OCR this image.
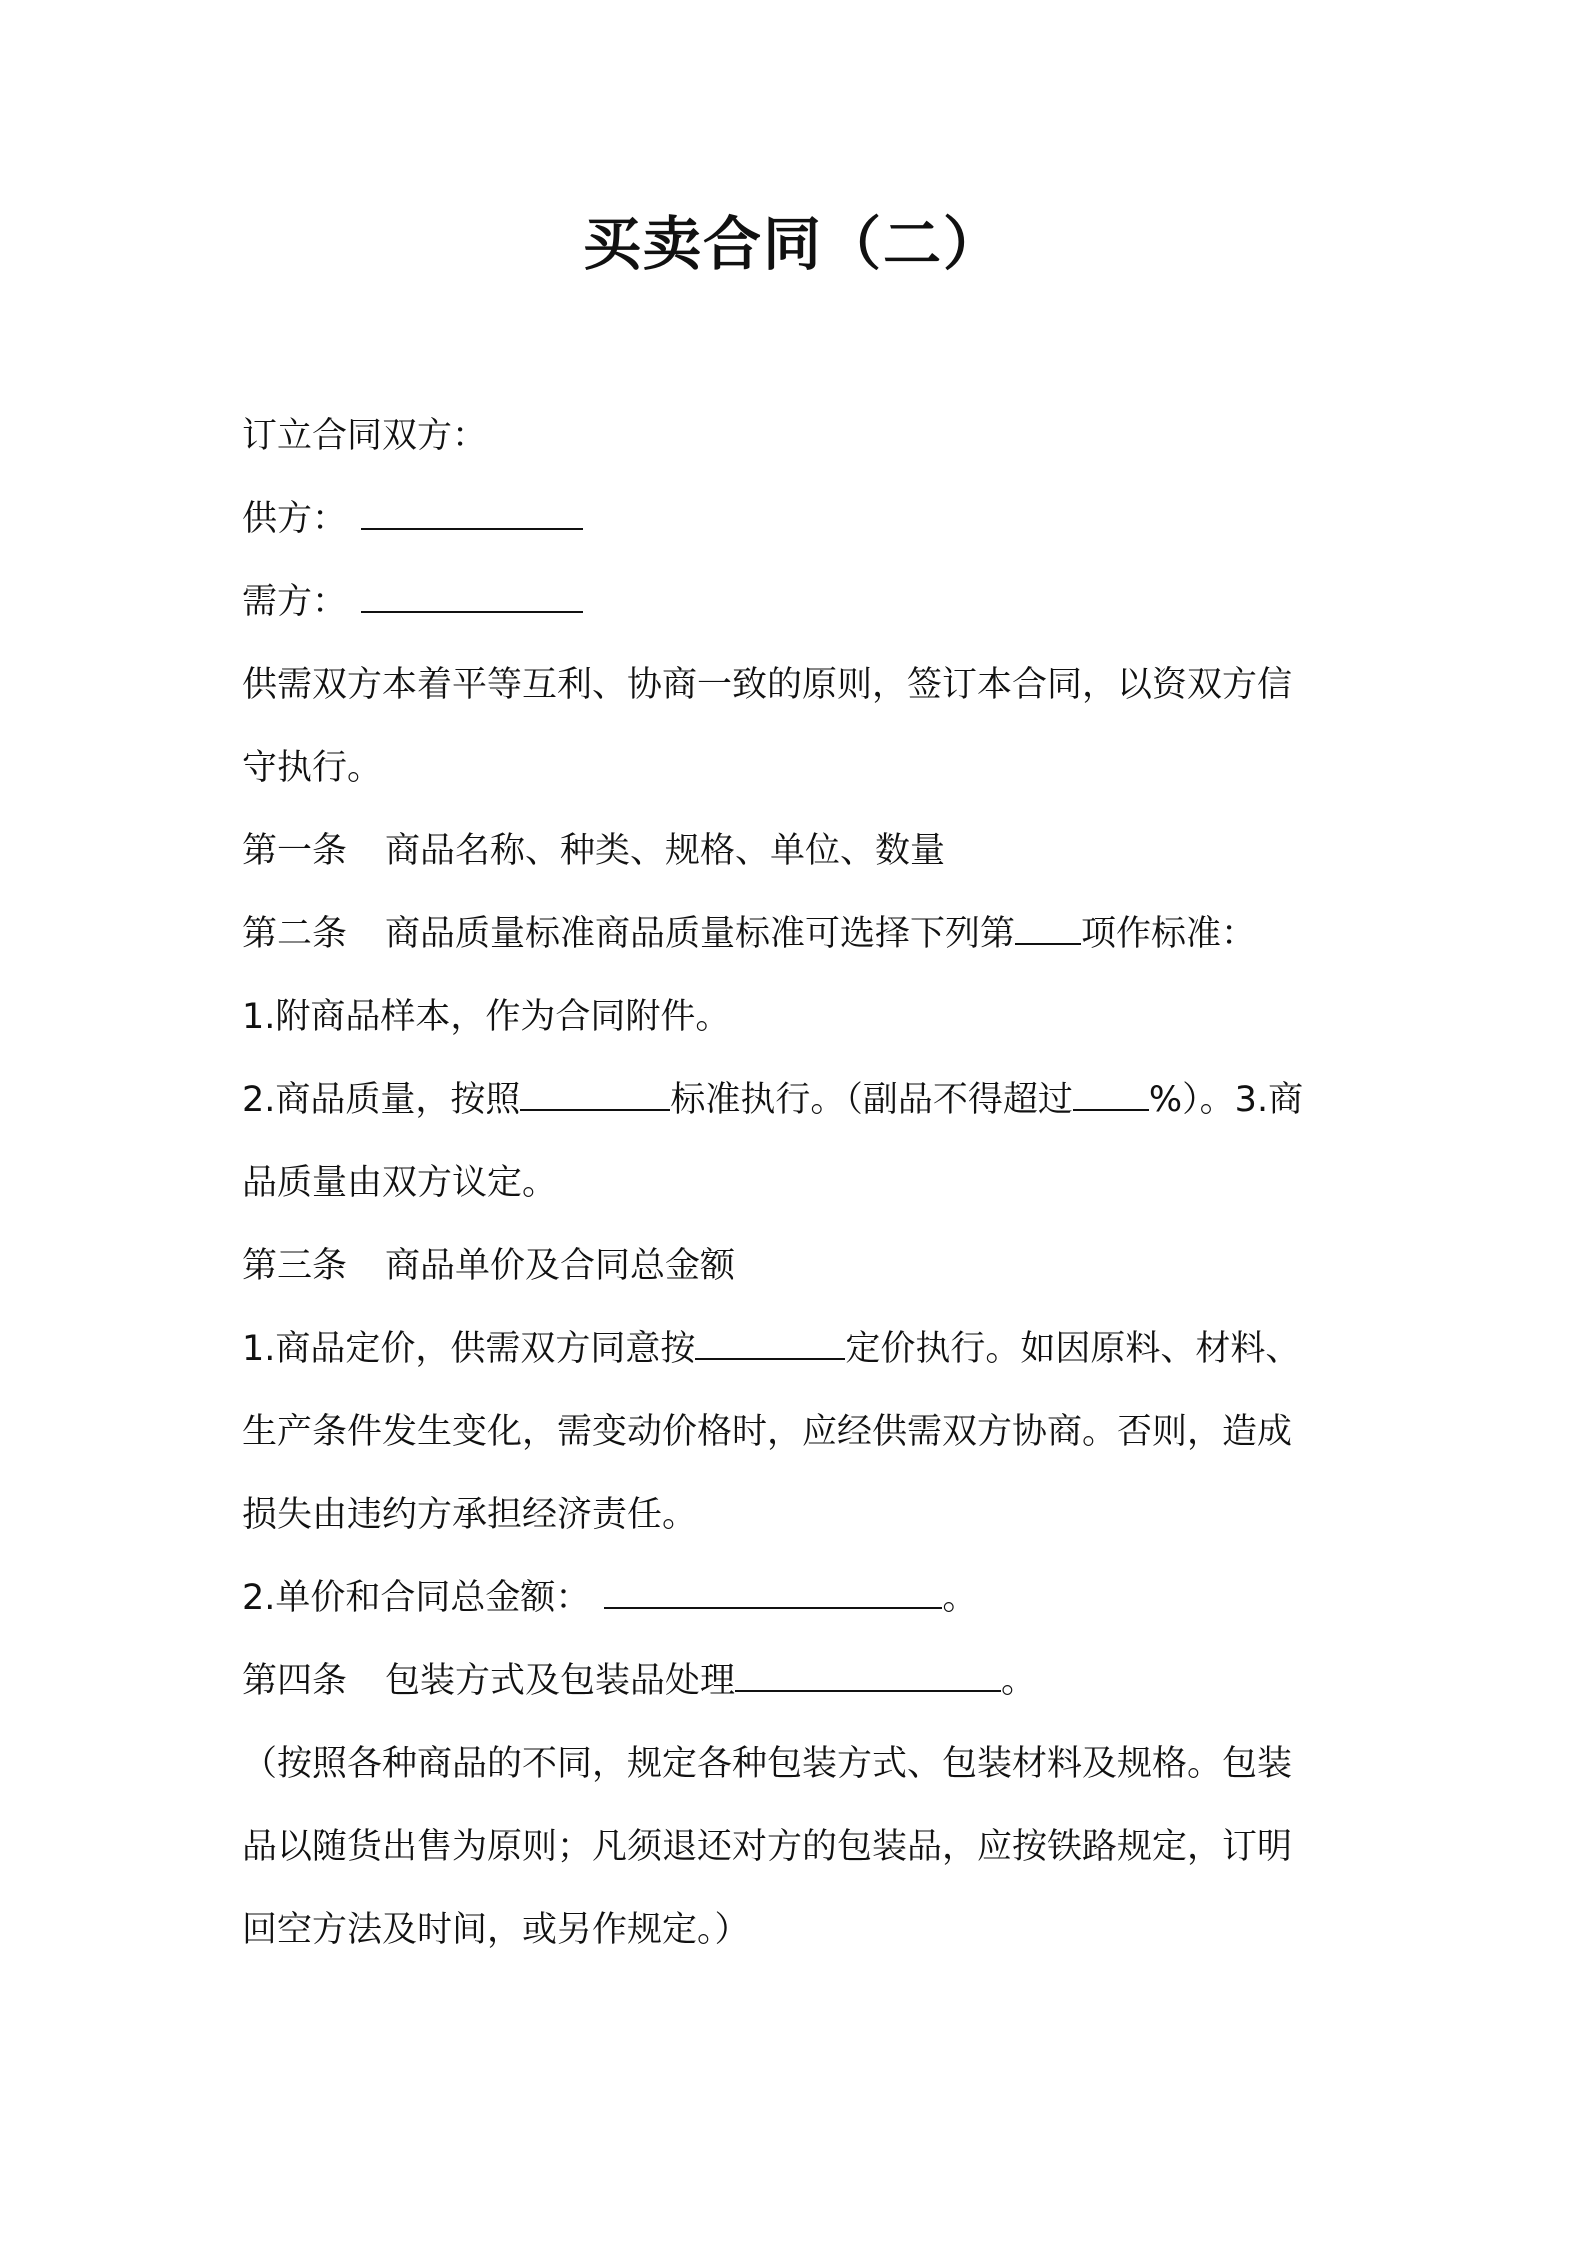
买卖合同（二）
订立合同双方：
供方：
需方：
供需双方本着平等互利、协商一致的原则，签订本合同，以资双方信
守执行。
第一条 商品名称、种类、规格、单位、数量
第二条 商品质量标准商品质量标准可选择下列第 项作标准：
1.附商品样本，作为合同附件。
2.商品质量，按照	标准执行。（副品不得超过 %）。3.商
品质量由双方议定。
第三条 商品单价及合同总金额
1.商品定价，供需双方同意按	定价执行。如因原料、材料、
生产条件发生变化，需变动价格时，应经供需双方协商。否则，造成
损失由违约方承担经济责任。
2.单价和合同总金额：	。
第四条 包装方式及包装品处理	。
（按照各种商品的不同，规定各种包装方式、包装材料及规格。包装
品以随货出售为原则；凡须退还对方的包装品，应按铁路规定，订明
回空方法及时间，或另作规定。）
